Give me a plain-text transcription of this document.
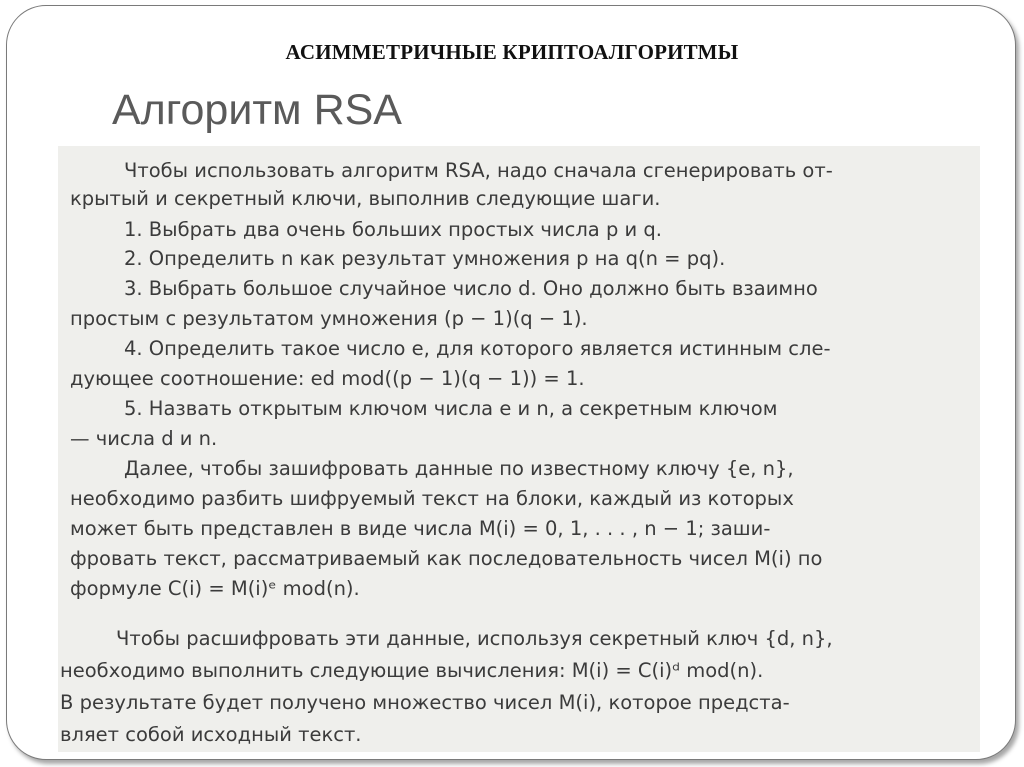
АСИММЕТРИЧНЫЕ КРИПТОАЛГОРИТМЫ
Алгоритм RSA
Чтобы использовать алгоритм RSA, надо сначала сгенерировать от-
крытый и секретный ключи, выполнив следующие шаги.
1. Выбрать два очень больших простых числа p и q.
2. Определить n как результат умножения p на q(n = pq).
3. Выбрать большое случайное число d. Оно должно быть взаимно
простым с результатом умножения (p − 1)(q − 1).
4. Определить такое число е, для которого является истинным сле-
дующее соотношение: ed mod((p − 1)(q − 1)) = 1.
5. Назвать открытым ключом числа e и n, а секретным ключом
— числа d и n.
Далее, чтобы зашифровать данные по известному ключу {e, n},
необходимо разбить шифруемый текст на блоки, каждый из которых
может быть представлен в виде числа M(i) = 0, 1, . . . , n − 1; заши-
фровать текст, рассматриваемый как последовательность чисел M(i) по
формуле C(i) = M(i)ᵉ mod(n).
Чтобы расшифровать эти данные, используя секретный ключ {d, n},
необходимо выполнить следующие вычисления: M(i) = C(i)ᵈ mod(n).
В результате будет получено множество чисел M(i), которое предста-
вляет собой исходный текст.
